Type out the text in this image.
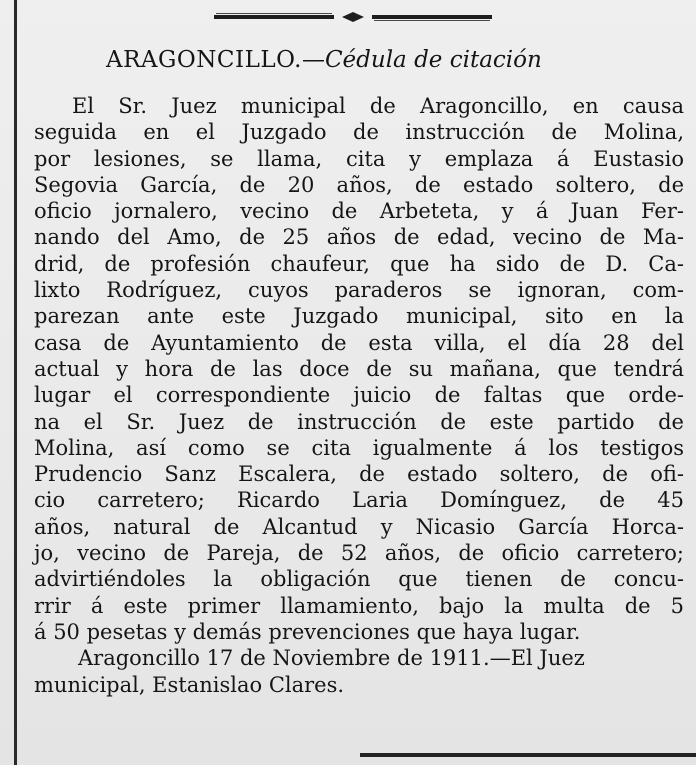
ARAGONCILLO.—Cédula de citación
El Sr. Juez municipal de Aragoncillo, en causa
seguida en el Juzgado de instrucción de Molina,
por lesiones, se llama, cita y emplaza á Eustasio
Segovia García, de 20 años, de estado soltero, de
oficio jornalero, vecino de Arbeteta, y á Juan Fer-
nando del Amo, de 25 años de edad, vecino de Ma-
drid, de profesión chaufeur, que ha sido de D. Ca-
lixto Rodríguez, cuyos paraderos se ignoran, com-
parezan ante este Juzgado municipal, sito en la
casa de Ayuntamiento de esta villa, el día 28 del
actual y hora de las doce de su mañana, que tendrá
lugar el correspondiente juicio de faltas que orde-
na el Sr. Juez de instrucción de este partido de
Molina, así como se cita igualmente á los testigos
Prudencio Sanz Escalera, de estado soltero, de ofi-
cio carretero; Ricardo Laria Domínguez, de 45
años, natural de Alcantud y Nicasio García Horca-
jo, vecino de Pareja, de 52 años, de oficio carretero;
advirtiéndoles la obligación que tienen de concu-
rrir á este primer llamamiento, bajo la multa de 5
á 50 pesetas y demás prevenciones que haya lugar.
Aragoncillo 17 de Noviembre de 1911.—El Juez
municipal, Estanislao Clares.
